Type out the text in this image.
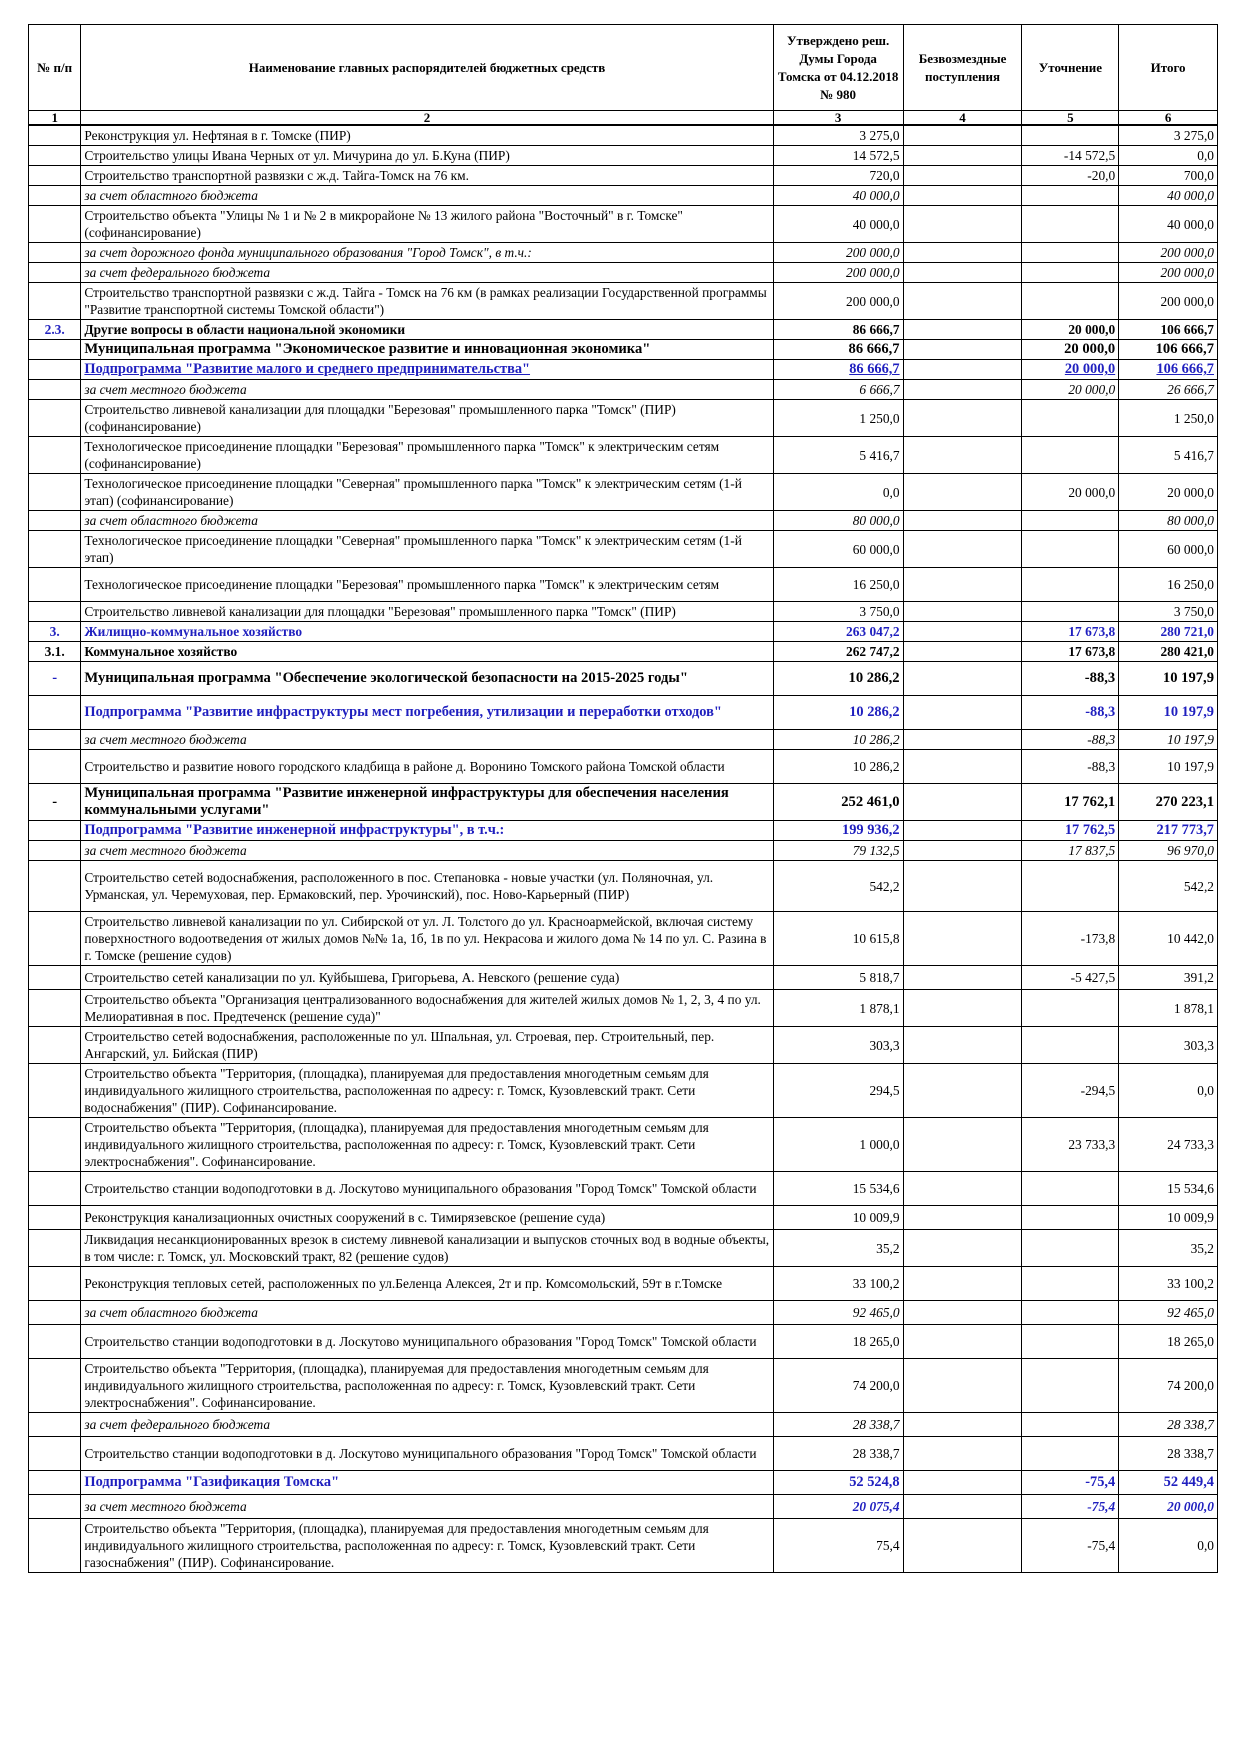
№ п/п	Наименование главных распорядителей бюджетных средств	Утверждено реш. Думы Города Томска от 04.12.2018 № 980	Безвозмездные поступления	Уточнение	Итого
1	2	3	4	5	6
	Реконструкция ул. Нефтяная в г. Томске (ПИР)	3 275,0			3 275,0
	Строительство улицы Ивана Черных от ул. Мичурина до ул. Б.Куна (ПИР)	14 572,5		-14 572,5	0,0
	Строительство транспортной развязки с ж.д. Тайга-Томск на 76 км.	720,0		-20,0	700,0
	за счет областного бюджета	40 000,0			40 000,0
	Строительство объекта "Улицы № 1 и № 2 в микрорайоне № 13 жилого района "Восточный" в г. Томске" (софинансирование)	40 000,0			40 000,0
	за счет дорожного фонда муниципального образования "Город Томск", в т.ч.:	200 000,0			200 000,0
	за счет федерального бюджета	200 000,0			200 000,0
	Строительство транспортной развязки с ж.д. Тайга - Томск на 76 км (в рамках реализации Государственной программы "Развитие транспортной системы Томской области")	200 000,0			200 000,0
2.3.	Другие вопросы в области национальной экономики	86 666,7		20 000,0	106 666,7
	Муниципальная программа "Экономическое развитие и инновационная экономика"	86 666,7		20 000,0	106 666,7
	Подпрограмма "Развитие малого и среднего предпринимательства"	86 666,7		20 000,0	106 666,7
	за счет местного бюджета	6 666,7		20 000,0	26 666,7
	Строительство ливневой канализации для площадки "Березовая" промышленного парка "Томск" (ПИР) (софинансирование)	1 250,0			1 250,0
	Технологическое присоединение площадки "Березовая" промышленного парка "Томск" к электрическим сетям (софинансирование)	5 416,7			5 416,7
	Технологическое присоединение площадки "Северная" промышленного парка "Томск" к электрическим сетям (1-й этап) (софинансирование)	0,0		20 000,0	20 000,0
	за счет областного бюджета	80 000,0			80 000,0
	Технологическое присоединение площадки "Северная" промышленного парка "Томск" к электрическим сетям (1-й этап)	60 000,0			60 000,0
	Технологическое присоединение площадки "Березовая" промышленного парка "Томск" к электрическим сетям	16 250,0			16 250,0
	Строительство ливневой канализации для площадки "Березовая" промышленного парка "Томск" (ПИР)	3 750,0			3 750,0
3.	Жилищно-коммунальное хозяйство	263 047,2		17 673,8	280 721,0
3.1.	Коммунальное хозяйство	262 747,2		17 673,8	280 421,0
-	Муниципальная программа "Обеспечение экологической безопасности на 2015-2025 годы"	10 286,2		-88,3	10 197,9
	Подпрограмма "Развитие инфраструктуры мест погребения, утилизации и переработки отходов"	10 286,2		-88,3	10 197,9
	за счет местного бюджета	10 286,2		-88,3	10 197,9
	Строительство и развитие нового городского кладбища в районе д. Воронино Томского района Томской области	10 286,2		-88,3	10 197,9
-	Муниципальная программа "Развитие инженерной инфраструктуры для обеспечения населения коммунальными услугами"	252 461,0		17 762,1	270 223,1
	Подпрограмма "Развитие инженерной инфраструктуры", в т.ч.:	199 936,2		17 762,5	217 773,7
	за счет местного бюджета	79 132,5		17 837,5	96 970,0
	Строительство сетей водоснабжения, расположенного в пос. Степановка - новые участки (ул. Поляночная, ул. Урманская, ул. Черемуховая, пер. Ермаковский, пер. Урочинский), пос. Ново-Карьерный (ПИР)	542,2			542,2
	Строительство ливневой канализации по ул. Сибирской от ул. Л. Толстого до ул. Красноармейской, включая систему поверхностного водоотведения от жилых домов №№ 1а, 1б, 1в по ул. Некрасова и жилого дома № 14 по ул. С. Разина в г. Томске (решение судов)	10 615,8		-173,8	10 442,0
	Строительство сетей канализации по ул. Куйбышева, Григорьева, А. Невского (решение суда)	5 818,7		-5 427,5	391,2
	Строительство объекта "Организация централизованного водоснабжения для жителей жилых домов № 1, 2, 3, 4 по ул. Мелиоративная в пос. Предтеченск (решение суда)"	1 878,1			1 878,1
	Строительство сетей водоснабжения, расположенные по ул. Шпальная, ул. Строевая, пер. Строительный, пер. Ангарский, ул. Бийская (ПИР)	303,3			303,3
	Строительство объекта "Территория, (площадка), планируемая для предоставления многодетным семьям для индивидуального жилищного строительства, расположенная по адресу: г. Томск, Кузовлевский тракт. Сети водоснабжения" (ПИР). Софинансирование.	294,5		-294,5	0,0
	Строительство объекта "Территория, (площадка), планируемая для предоставления многодетным семьям для индивидуального жилищного строительства, расположенная по адресу: г. Томск, Кузовлевский тракт. Сети электроснабжения". Софинансирование.	1 000,0		23 733,3	24 733,3
	Строительство станции водоподготовки в д. Лоскутово муниципального образования "Город Томск" Томской области	15 534,6			15 534,6
	Реконструкция канализационных очистных сооружений в с. Тимирязевское (решение суда)	10 009,9			10 009,9
	Ликвидация несанкционированных врезок в систему ливневой канализации и выпусков сточных вод в водные объекты, в том числе: г. Томск, ул. Московский тракт, 82 (решение судов)	35,2			35,2
	Реконструкция тепловых сетей, расположенных по ул.Беленца Алексея, 2т и пр. Комсомольский, 59т в г.Томске	33 100,2			33 100,2
	за счет областного бюджета	92 465,0			92 465,0
	Строительство станции водоподготовки в д. Лоскутово муниципального образования "Город Томск" Томской области	18 265,0			18 265,0
	Строительство объекта "Территория, (площадка), планируемая для предоставления многодетным семьям для индивидуального жилищного строительства, расположенная по адресу: г. Томск, Кузовлевский тракт. Сети электроснабжения". Софинансирование.	74 200,0			74 200,0
	за счет федерального бюджета	28 338,7			28 338,7
	Строительство станции водоподготовки в д. Лоскутово муниципального образования "Город Томск" Томской области	28 338,7			28 338,7
	Подпрограмма "Газификация Томска"	52 524,8		-75,4	52 449,4
	за счет местного бюджета	20 075,4		-75,4	20 000,0
	Строительство объекта "Территория, (площадка), планируемая для предоставления многодетным семьям для индивидуального жилищного строительства, расположенная по адресу: г. Томск, Кузовлевский тракт. Сети газоснабжения" (ПИР). Софинансирование.	75,4		-75,4	0,0
